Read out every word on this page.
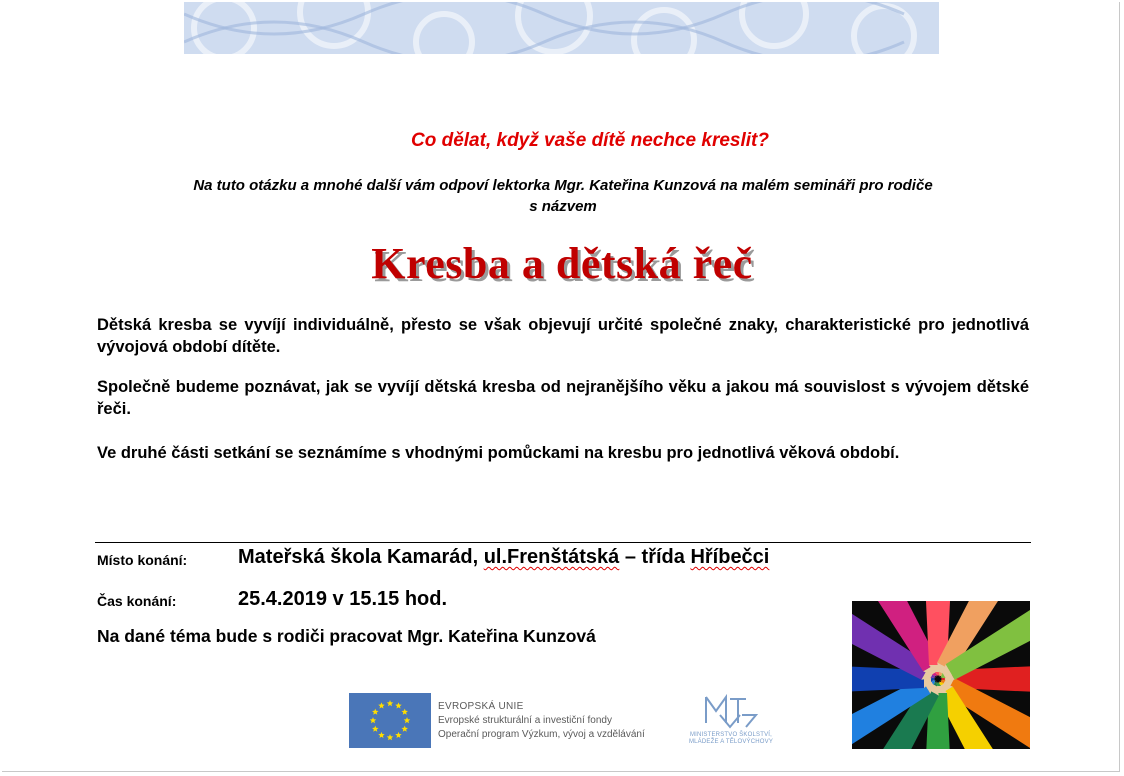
Co dělat, když vaše dítě nechce kreslit?
Na tuto otázku a mnohé další vám odpoví lektorka Mgr. Kateřina Kunzová na malém semináři pro rodiče
s názvem
Kresba a dětská řeč
Dětská kresba se vyvíjí individuálně, přesto se však objevují určité společné znaky, charakteristické pro jednotlivá vývojová období dítěte.
Společně budeme poznávat, jak se vyvíjí dětská kresba od nejranějšího věku a jakou má souvislost s vývojem dětské řeči.
Ve druhé části setkání se seznámíme s vhodnými pomůckami na kresbu pro jednotlivá věková období.
Místo konání:	Mateřská škola Kamarád, ul.Frenštátská – třída Hříbečci
Čas konání:	25.4.2019 v 15.15 hod.
Na dané téma bude s rodiči pracovat Mgr. Kateřina Kunzová
EVROPSKÁ UNIE
Evropské strukturální a investiční fondy
Operační program Výzkum, vývoj a vzdělávání	MINISTERSTVO ŠKOLSTVÍ,
MLÁDEŽE A TĚLOVÝCHOVY
